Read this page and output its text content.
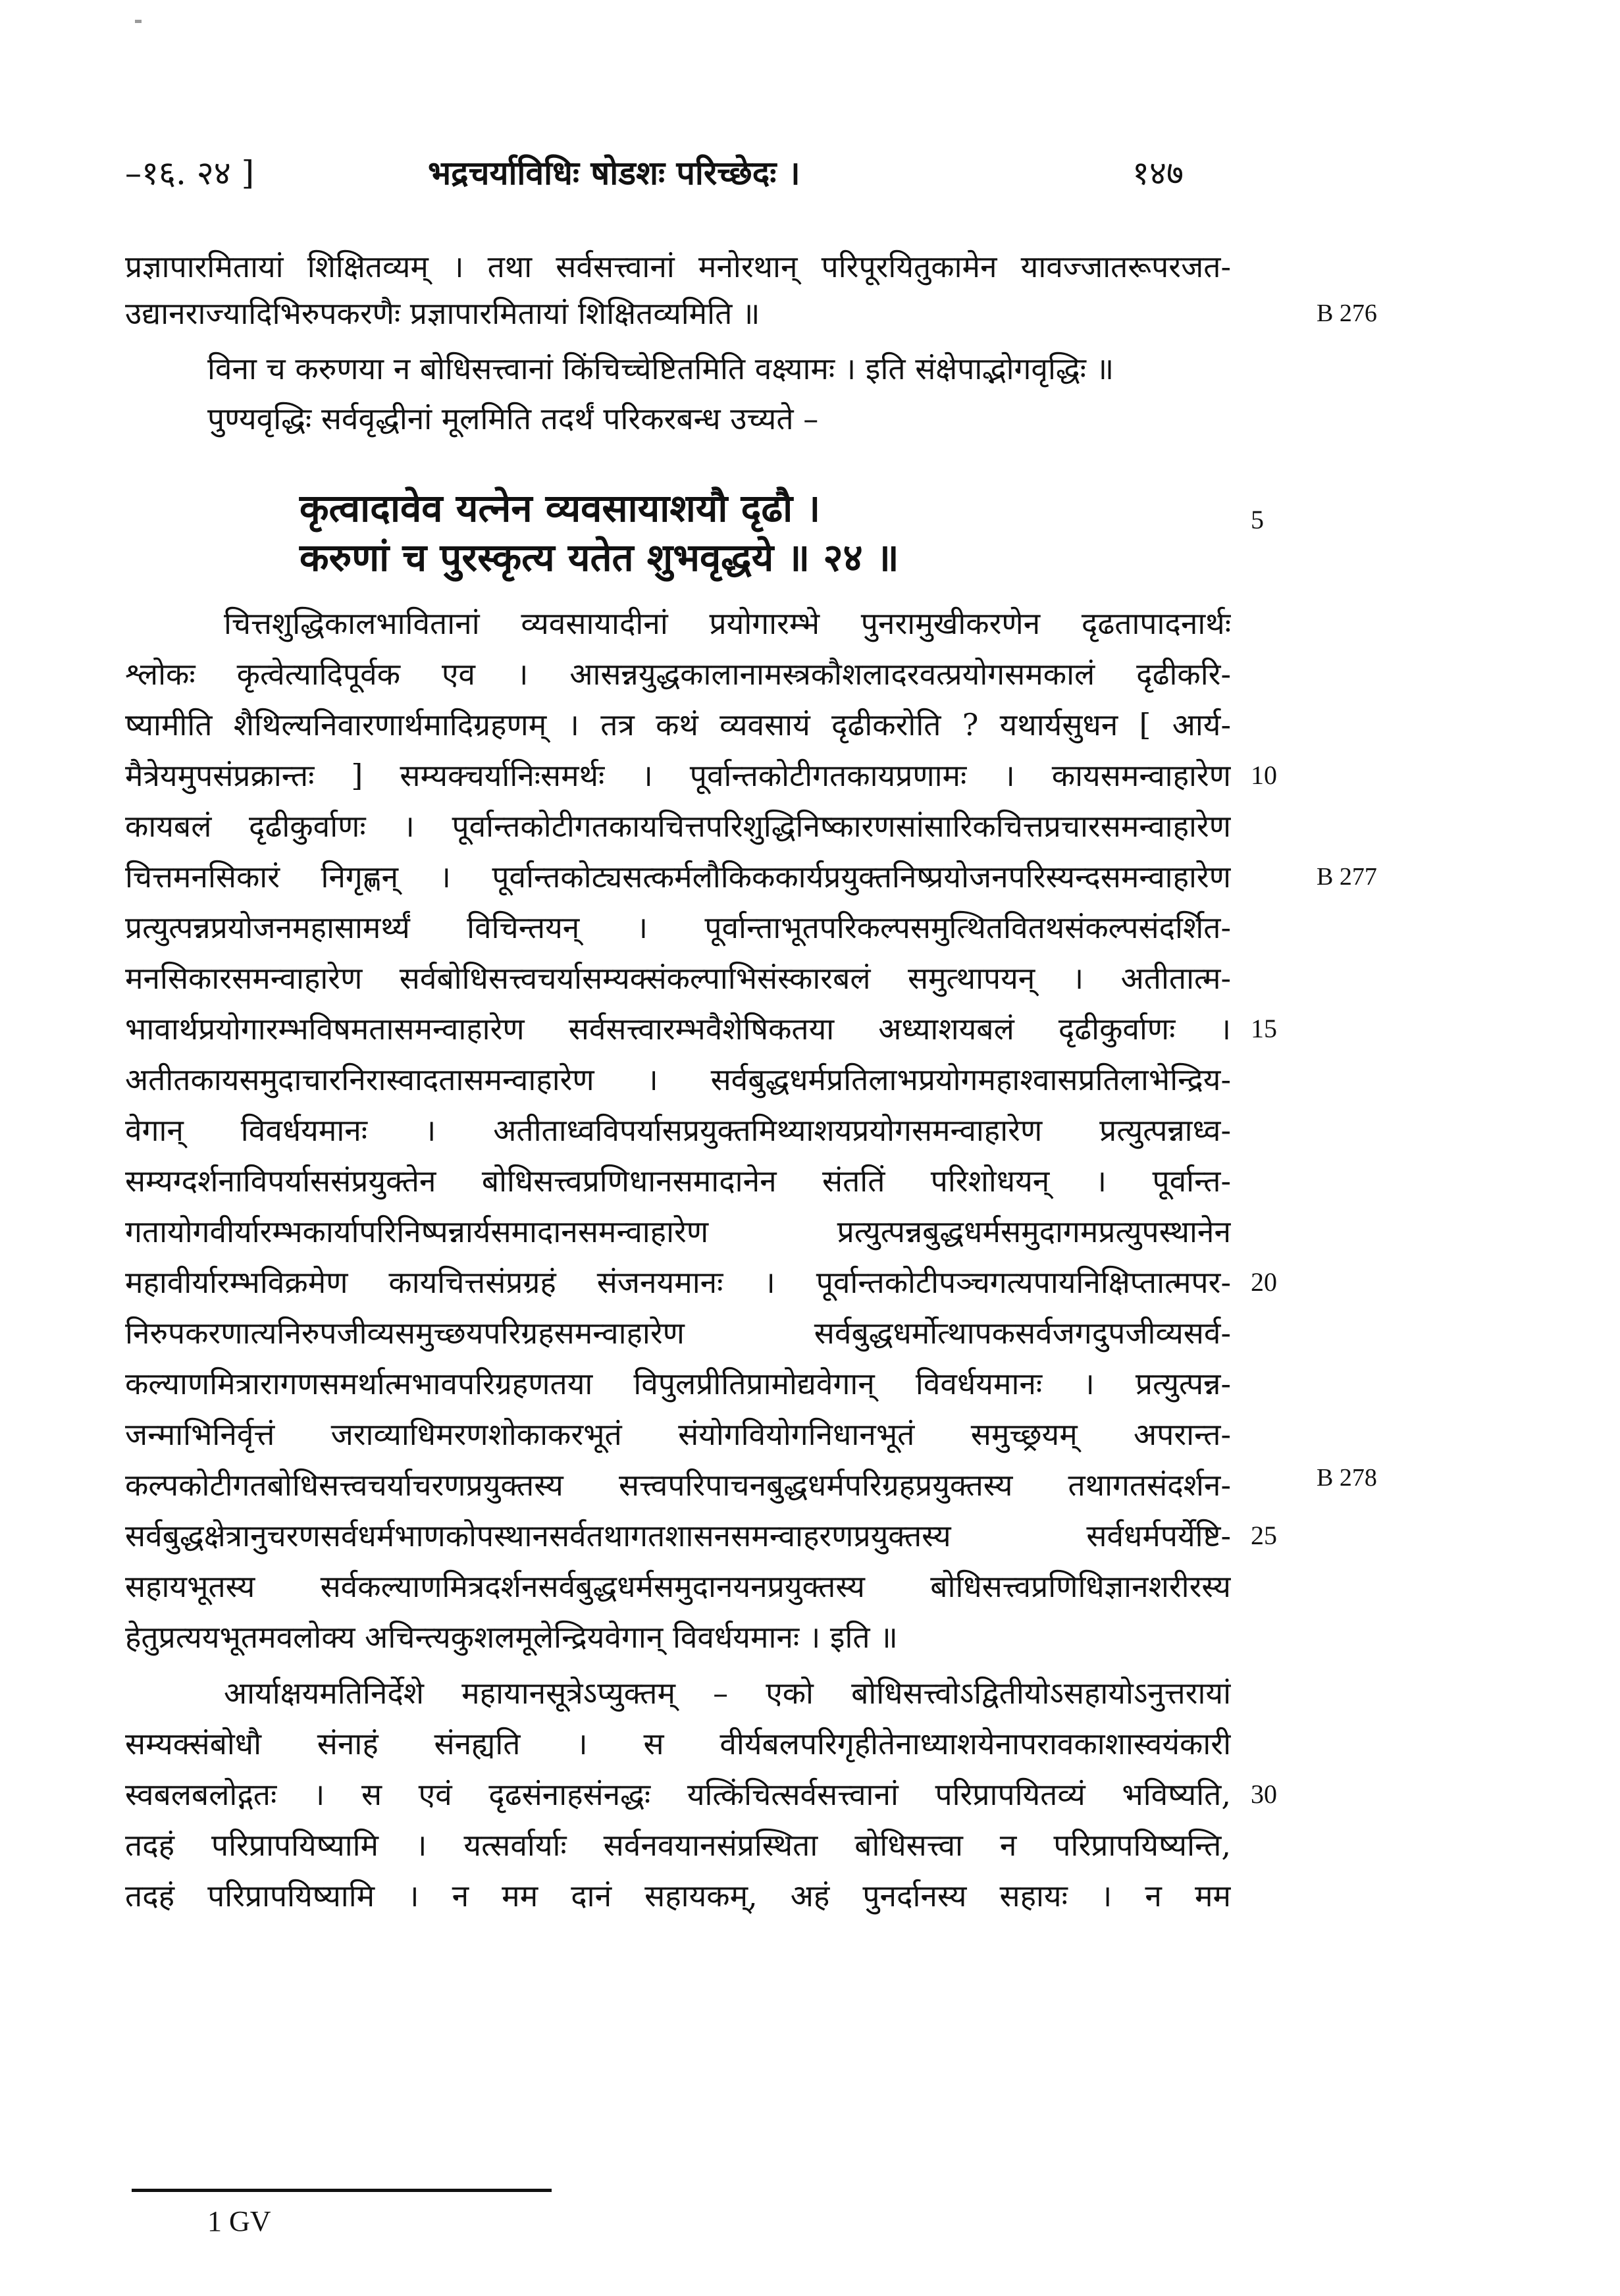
–१६. २४ ]	भद्रचर्याविधिः षोडशः परिच्छेदः ।	१४७
प्रज्ञापारमितायां शिक्षितव्यम् । तथा सर्वसत्त्वानां मनोरथान् परिपूरयितुकामेन यावज्जातरूपरजत-
उद्यानराज्यादिभिरुपकरणैः प्रज्ञापारमितायां शिक्षितव्यमिति ॥
विना च करुणया न बोधिसत्त्वानां किंचिच्चेष्टितमिति वक्ष्यामः । इति संक्षेपाद्भोगवृद्धिः ॥
पुण्यवृद्धिः सर्ववृद्धीनां मूलमिति तदर्थं परिकरबन्ध उच्यते –
कृत्वादावेव यत्नेन व्यवसायाशयौ दृढौ ।
करुणां च पुरस्कृत्य यतेत शुभवृद्धये ॥ २४ ॥
चित्तशुद्धिकालभावितानां व्यवसायादीनां प्रयोगारम्भे पुनरामुखीकरणेन दृढतापादनार्थः
श्लोकः कृत्वेत्यादिपूर्वक एव । आसन्नयुद्धकालानामस्त्रकौशलादरवत्प्रयोगसमकालं दृढीकरि-
ष्यामीति शैथिल्यनिवारणार्थमादिग्रहणम् । तत्र कथं व्यवसायं दृढीकरोति ? यथार्यसुधन [ आर्य-
मैत्रेयमुपसंप्रक्रान्तः ] सम्यक्चर्यानिःसमर्थः । पूर्वान्तकोटीगतकायप्रणामः । कायसमन्वाहारेण
कायबलं दृढीकुर्वाणः । पूर्वान्तकोटीगतकायचित्तपरिशुद्धिनिष्कारणसांसारिकचित्तप्रचारसमन्वाहारेण
चित्तमनसिकारं निगृह्णन् । पूर्वान्तकोट्यसत्कर्मलौकिककार्यप्रयुक्तनिष्प्रयोजनपरिस्यन्दसमन्वाहारेण
प्रत्युत्पन्नप्रयोजनमहासामर्थ्यं विचिन्तयन् । पूर्वान्ताभूतपरिकल्पसमुत्थितवितथसंकल्पसंदर्शित-
मनसिकारसमन्वाहारेण सर्वबोधिसत्त्वचर्यासम्यक्संकल्पाभिसंस्कारबलं समुत्थापयन् । अतीतात्म-
भावार्थप्रयोगारम्भविषमतासमन्वाहारेण सर्वसत्त्वारम्भवैशेषिकतया अध्याशयबलं दृढीकुर्वाणः ।
अतीतकायसमुदाचारनिरास्वादतासमन्वाहारेण । सर्वबुद्धधर्मप्रतिलाभप्रयोगमहाश्वासप्रतिलाभेन्द्रिय-
वेगान् विवर्धयमानः । अतीताध्वविपर्यासप्रयुक्तमिथ्याशयप्रयोगसमन्वाहारेण प्रत्युत्पन्नाध्व-
सम्यग्दर्शनाविपर्याससंप्रयुक्तेन बोधिसत्त्वप्रणिधानसमादानेन संततिं परिशोधयन् । पूर्वान्त-
गतायोगवीर्यारम्भकार्यापरिनिष्पन्नार्यसमादानसमन्वाहारेण प्रत्युत्पन्नबुद्धधर्मसमुदागमप्रत्युपस्थानेन
महावीर्यारम्भविक्रमेण कायचित्तसंप्रग्रहं संजनयमानः । पूर्वान्तकोटीपञ्चगत्यपायनिक्षिप्तात्मपर-
निरुपकरणात्यनिरुपजीव्यसमुच्छयपरिग्रहसमन्वाहारेण सर्वबुद्धधर्मोत्थापकसर्वजगदुपजीव्यसर्व-
कल्याणमित्रारागणसमर्थात्मभावपरिग्रहणतया विपुलप्रीतिप्रामोद्यवेगान् विवर्धयमानः । प्रत्युत्पन्न-
जन्माभिनिर्वृत्तं जराव्याधिमरणशोकाकरभूतं संयोगवियोगनिधानभूतं समुच्छ्रयम् अपरान्त-
कल्पकोटीगतबोधिसत्त्वचर्याचरणप्रयुक्तस्य सत्त्वपरिपाचनबुद्धधर्मपरिग्रहप्रयुक्तस्य तथागतसंदर्शन-
सर्वबुद्धक्षेत्रानुचरणसर्वधर्मभाणकोपस्थानसर्वतथागतशासनसमन्वाहरणप्रयुक्तस्य सर्वधर्मपर्येष्टि-
सहायभूतस्य सर्वकल्याणमित्रदर्शनसर्वबुद्धधर्मसमुदानयनप्रयुक्तस्य बोधिसत्त्वप्रणिधिज्ञानशरीरस्य
हेतुप्रत्ययभूतमवलोक्य अचिन्त्यकुशलमूलेन्द्रियवेगान् विवर्धयमानः । इति ॥
आर्याक्षयमतिनिर्देशे महायानसूत्रेऽप्युक्तम् – एको बोधिसत्त्वोऽद्वितीयोऽसहायोऽनुत्तरायां
सम्यक्संबोधौ संनाहं संनह्यति । स वीर्यबलपरिगृहीतेनाध्याशयेनापरावकाशास्वयंकारी
स्वबलबलोद्गतः । स एवं दृढसंनाहसंनद्धः यत्किंचित्सर्वसत्त्वानां परिप्रापयितव्यं भविष्यति,
तदहं परिप्रापयिष्यामि । यत्सर्वार्याः सर्वनवयानसंप्रस्थिता बोधिसत्त्वा न परिप्रापयिष्यन्ति,
तदहं परिप्रापयिष्यामि । न मम दानं सहायकम्, अहं पुनर्दानस्य सहायः । न मम
5
10
15
20
25
30
B 276
B 277
B 278
1 GV
